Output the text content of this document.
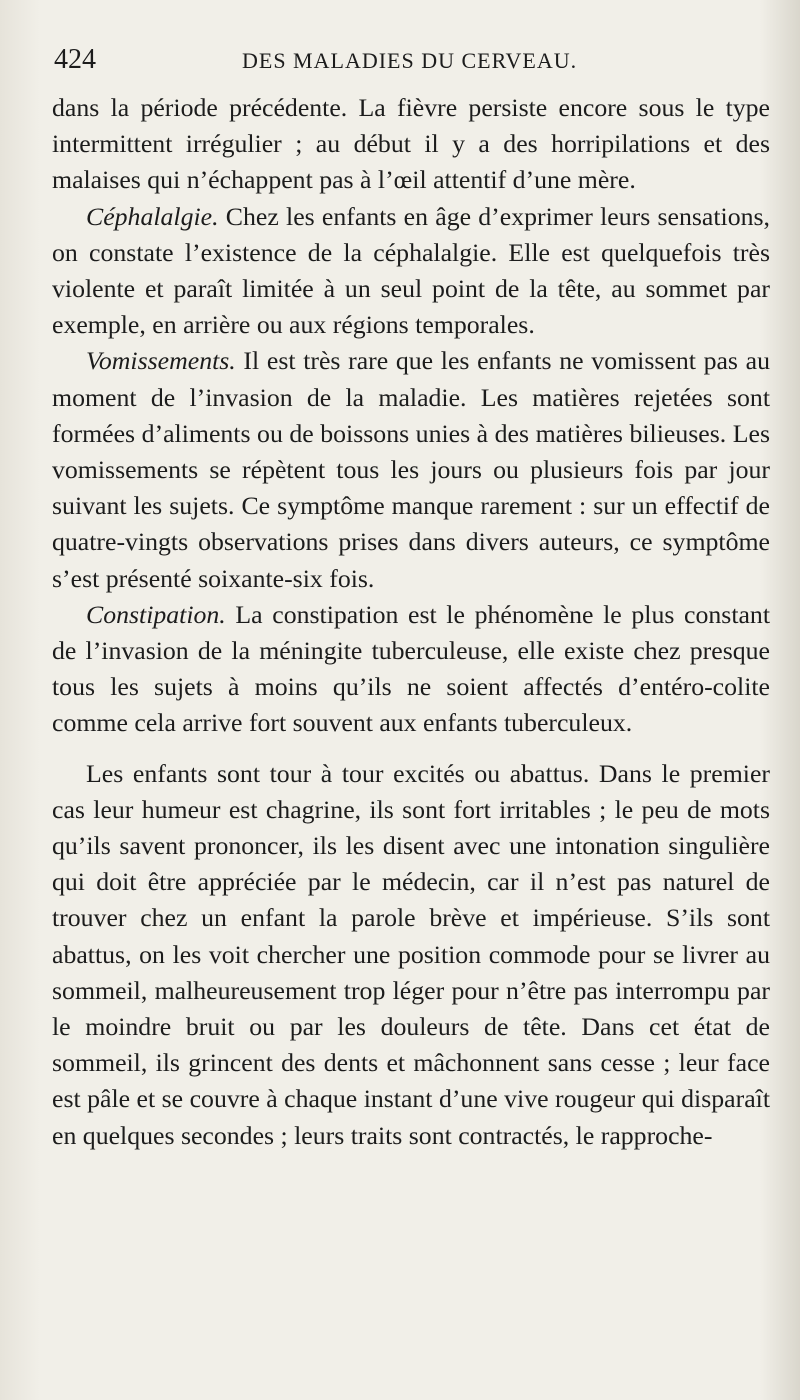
424	DES MALADIES DU CERVEAU.

dans la période précédente. La fièvre persiste encore sous le type intermittent irrégulier ; au début il y a des horripilations et des malaises qui n’échappent pas à l’œil attentif d’une mère.

Céphalalgie. Chez les enfants en âge d’exprimer leurs sensations, on constate l’existence de la céphalalgie. Elle est quelquefois très violente et paraît limitée à un seul point de la tête, au sommet par exemple, en arrière ou aux régions temporales.

Vomissements. Il est très rare que les enfants ne vomissent pas au moment de l’invasion de la maladie. Les matières rejetées sont formées d’aliments ou de boissons unies à des matières bilieuses. Les vomissements se répètent tous les jours ou plusieurs fois par jour suivant les sujets. Ce symptôme manque rarement : sur un effectif de quatre-vingts observations prises dans divers auteurs, ce symptôme s’est présenté soixante-six fois.

Constipation. La constipation est le phénomène le plus constant de l’invasion de la méningite tuberculeuse, elle existe chez presque tous les sujets à moins qu’ils ne soient affectés d’entéro-colite comme cela arrive fort souvent aux enfants tuberculeux.

Les enfants sont tour à tour excités ou abattus. Dans le premier cas leur humeur est chagrine, ils sont fort irritables ; le peu de mots qu’ils savent prononcer, ils les disent avec une intonation singulière qui doit être appréciée par le médecin, car il n’est pas naturel de trouver chez un enfant la parole brève et impérieuse. S’ils sont abattus, on les voit chercher une position commode pour se livrer au sommeil, malheureusement trop léger pour n’être pas interrompu par le moindre bruit ou par les douleurs de tête. Dans cet état de sommeil, ils grincent des dents et mâchonnent sans cesse ; leur face est pâle et se couvre à chaque instant d’une vive rougeur qui disparaît en quelques secondes ; leurs traits sont contractés, le rapproche-
